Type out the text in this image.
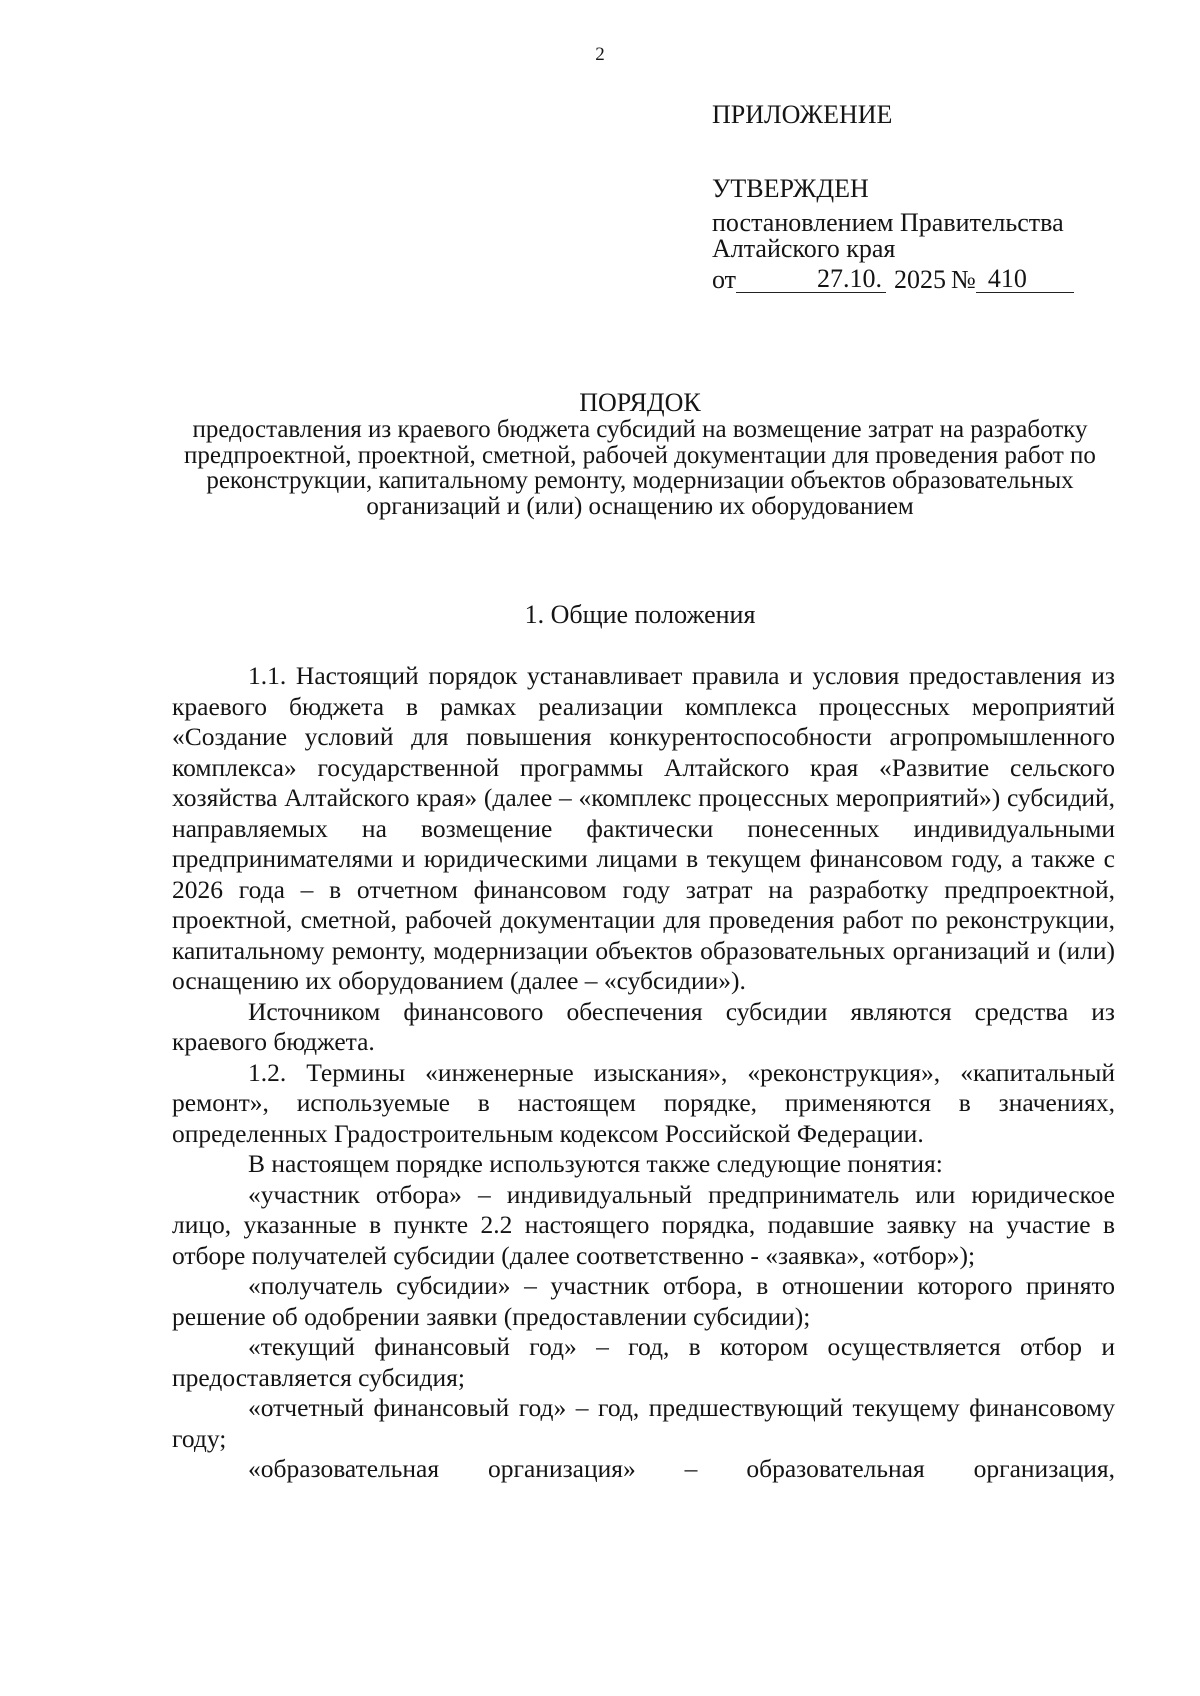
2
ПРИЛОЖЕНИЕ
УТВЕРЖДЕН
постановлением Правительства
Алтайского края
от	27.10. 2025 № 410
ПОРЯДОК
предоставления из краевого бюджета субсидий на возмещение затрат на разработку предпроектной, проектной, сметной, рабочей документации для проведения работ по реконструкции, капитальному ремонту, модернизации объектов образовательных организаций и (или) оснащению их оборудованием
1. Общие положения
1.1. Настоящий порядок устанавливает правила и условия предоставления из краевого бюджета в рамках реализации комплекса процессных мероприятий «Создание условий для повышения конкурентоспособности агропромышленного комплекса» государственной программы Алтайского края «Развитие сельского хозяйства Алтайского края» (далее – «комплекс процессных мероприятий») субсидий, направляемых на возмещение фактически понесенных индивидуальными предпринимателями и юридическими лицами в текущем финансовом году, а также с 2026 года – в отчетном финансовом году затрат на разработку предпроектной, проектной, сметной, рабочей документации для проведения работ по реконструкции, капитальному ремонту, модернизации объектов образовательных организаций и (или) оснащению их оборудованием (далее – «субсидии»).
Источником финансового обеспечения субсидии являются средства из краевого бюджета.
1.2. Термины «инженерные изыскания», «реконструкция», «капитальный ремонт», используемые в настоящем порядке, применяются в значениях, определенных Градостроительным кодексом Российской Федерации.
В настоящем порядке используются также следующие понятия:
«участник отбора» – индивидуальный предприниматель или юридическое лицо, указанные в пункте 2.2 настоящего порядка, подавшие заявку на участие в отборе получателей субсидии (далее соответственно - «заявка», «отбор»);
«получатель субсидии» – участник отбора, в отношении которого принято решение об одобрении заявки (предоставлении субсидии);
«текущий финансовый год» – год, в котором осуществляется отбор и предоставляется субсидия;
«отчетный финансовый год» – год, предшествующий текущему финансовому году;
«образовательная организация» – образовательная организация,
